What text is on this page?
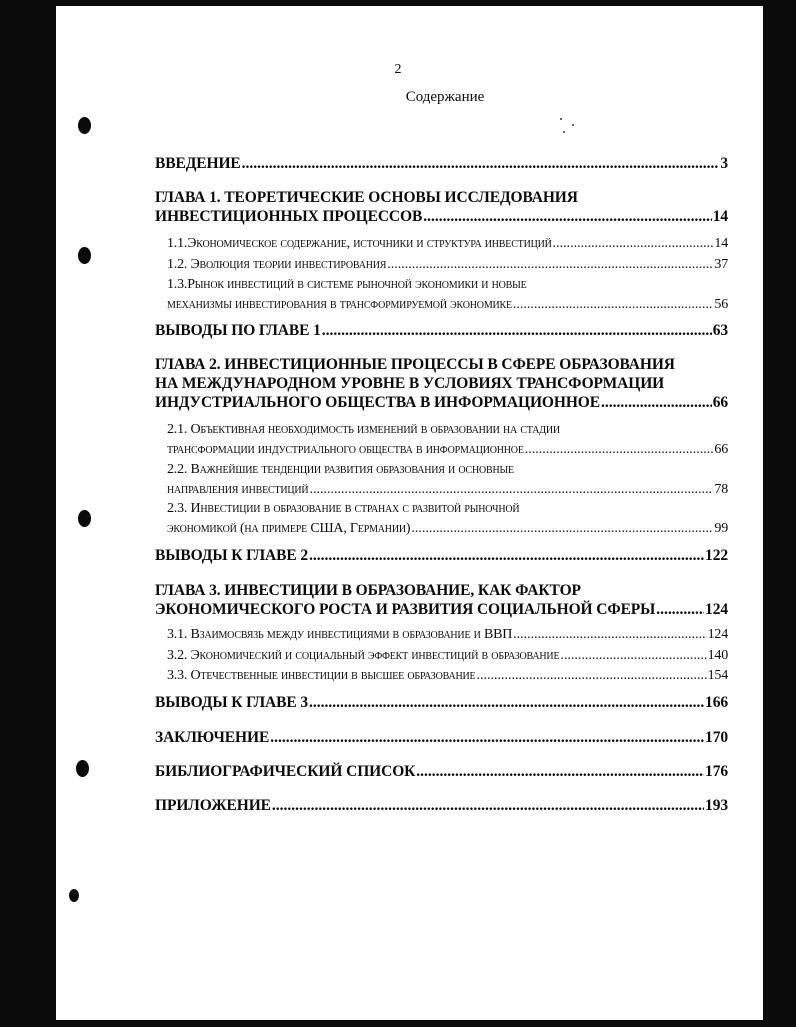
2
Содержание
ВВЕДЕНИЕ .....	3
ГЛАВА 1. ТЕОРЕТИЧЕСКИЕ ОСНОВЫ ИССЛЕДОВАНИЯ
ИНВЕСТИЦИОННЫХ ПРОЦЕССОВ .....	14
1.1.Экономическое содержание, источники и структура инвестиций .....	14
1.2. Эволюция теории инвестирования .....	37
1.3.Рынок инвестиций в системе рыночной экономики и новые
механизмы инвестирования в трансформируемой экономике .....	56
ВЫВОДЫ ПО ГЛАВЕ 1 .....	63
ГЛАВА 2. ИНВЕСТИЦИОННЫЕ ПРОЦЕССЫ В СФЕРЕ ОБРАЗОВАНИЯ
НА МЕЖДУНАРОДНОМ УРОВНЕ В УСЛОВИЯХ ТРАНСФОРМАЦИИ
ИНДУСТРИАЛЬНОГО ОБЩЕСТВА В ИНФОРМАЦИОННОЕ .....	66
2.1. Объективная необходимость изменений в образовании на стадии
трансформации индустриального общества в информационное .....	66
2.2. Важнейшие тенденции развития образования и основные
направления инвестиций .....	78
2.3. Инвестиции в образование в странах с развитой рыночной
экономикой (на примере США, Германии) .....	99
ВЫВОДЫ К ГЛАВЕ 2 .....	122
ГЛАВА 3. ИНВЕСТИЦИИ В ОБРАЗОВАНИЕ, КАК ФАКТОР
ЭКОНОМИЧЕСКОГО РОСТА И РАЗВИТИЯ СОЦИАЛЬНОЙ СФЕРЫ .....	124
3.1. Взаимосвязь между инвестициями в образование и ВВП .....	124
3.2. Экономический и социальный эффект инвестиций в образование .....	140
3.3. Отечественные инвестиции в высшее образование .....	154
ВЫВОДЫ К ГЛАВЕ 3 .....	166
ЗАКЛЮЧЕНИЕ .....	170
БИБЛИОГРАФИЧЕСКИЙ СПИСОК .....	176
ПРИЛОЖЕНИЕ .....	193
